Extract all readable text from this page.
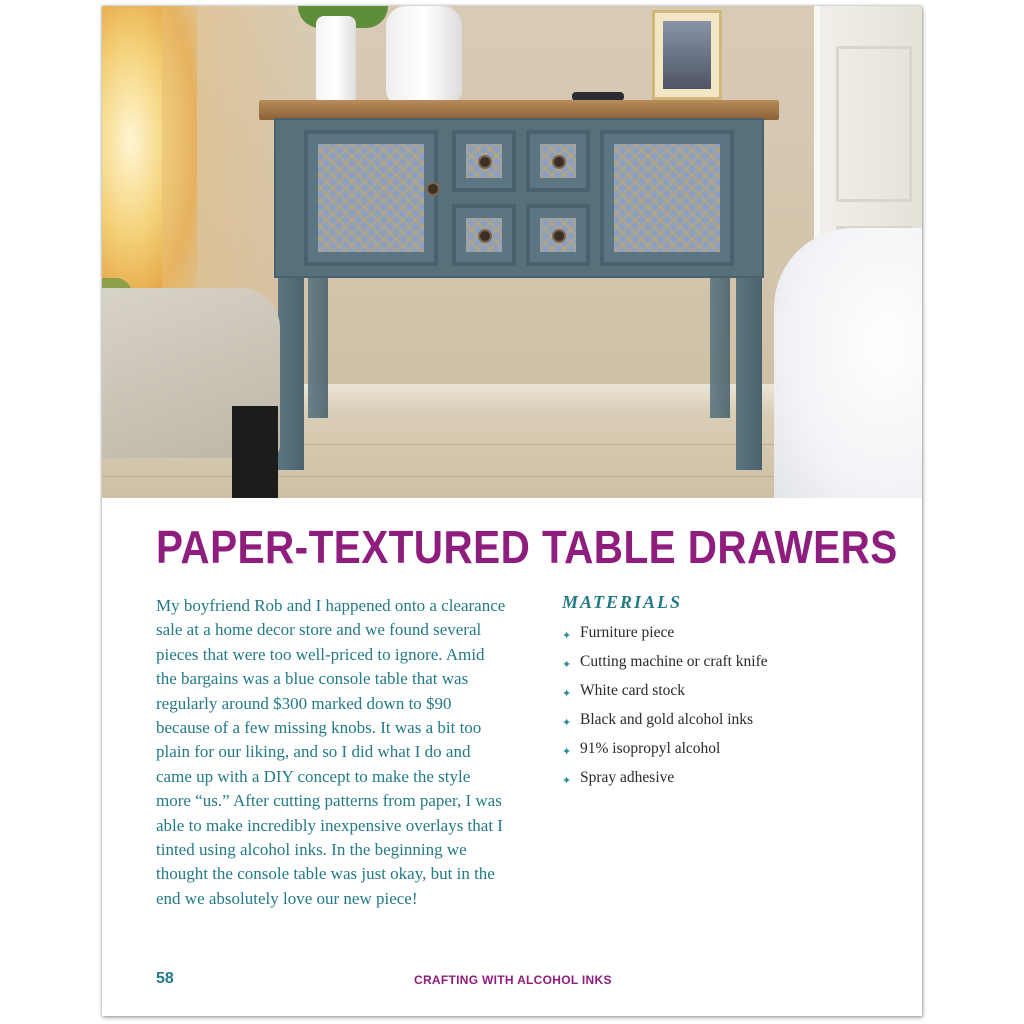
PAPER-TEXTURED TABLE DRAWERS

My boyfriend Rob and I happened onto a clearance sale at a home decor store and we found several pieces that were too well-priced to ignore. Amid the bargains was a blue console table that was regularly around $300 marked down to $90 because of a few missing knobs. It was a bit too plain for our liking, and so I did what I do and came up with a DIY concept to make the style more “us.” After cutting patterns from paper, I was able to make incredibly inexpensive overlays that I tinted using alcohol inks. In the beginning we thought the console table was just okay, but in the end we absolutely love our new piece!

MATERIALS
✦ Furniture piece
✦ Cutting machine or craft knife
✦ White card stock
✦ Black and gold alcohol inks
✦ 91% isopropyl alcohol
✦ Spray adhesive
58	CRAFTING WITH ALCOHOL INKS
